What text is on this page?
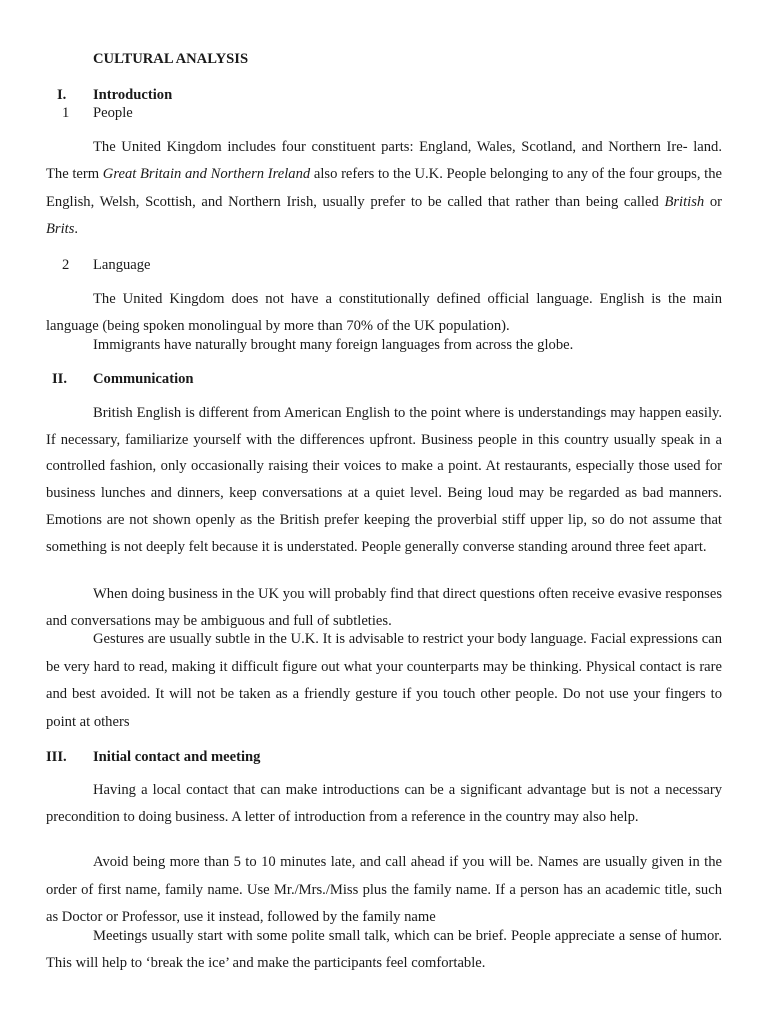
CULTURAL ANALYSIS
I. Introduction
1 People

The United Kingdom includes four constituent parts: England, Wales, Scotland, and Northern Ire- land. The term Great Britain and Northern Ireland also refers to the U.K. People belonging to any of the four groups, the English, Welsh, Scottish, and Northern Irish, usually prefer to be called that rather than being called British or Brits.

2 Language

The United Kingdom does not have a constitutionally defined official language. English is the main language (being spoken monolingual by more than 70% of the UK population).

Immigrants have naturally brought many foreign languages from across the globe.

II. Communication

British English is different from American English to the point where is understandings may happen easily. If necessary, familiarize yourself with the differences upfront. Business people in this country usually speak in a controlled fashion, only occasionally raising their voices to make a point. At restaurants, especially those used for business lunches and dinners, keep conversations at a quiet level. Being loud may be regarded as bad manners. Emotions are not shown openly as the British prefer keeping the proverbial stiff upper lip, so do not assume that something is not deeply felt because it is understated. People generally converse standing around three feet apart.

When doing business in the UK you will probably find that direct questions often receive evasive responses and conversations may be ambiguous and full of subtleties.

Gestures are usually subtle in the U.K. It is advisable to restrict your body language. Facial expressions can be very hard to read, making it difficult figure out what your counterparts may be thinking. Physical contact is rare and best avoided. It will not be taken as a friendly gesture if you touch other people. Do not use your fingers to point at others

III. Initial contact and meeting

Having a local contact that can make introductions can be a significant advantage but is not a necessary precondition to doing business. A letter of introduction from a reference in the country may also help.

Avoid being more than 5 to 10 minutes late, and call ahead if you will be. Names are usually given in the order of first name, family name. Use Mr./Mrs./Miss plus the family name. If a person has an academic title, such as Doctor or Professor, use it instead, followed by the family name

Meetings usually start with some polite small talk, which can be brief. People appreciate a sense of humor. This will help to ‘break the ice’ and make the participants feel comfortable.
